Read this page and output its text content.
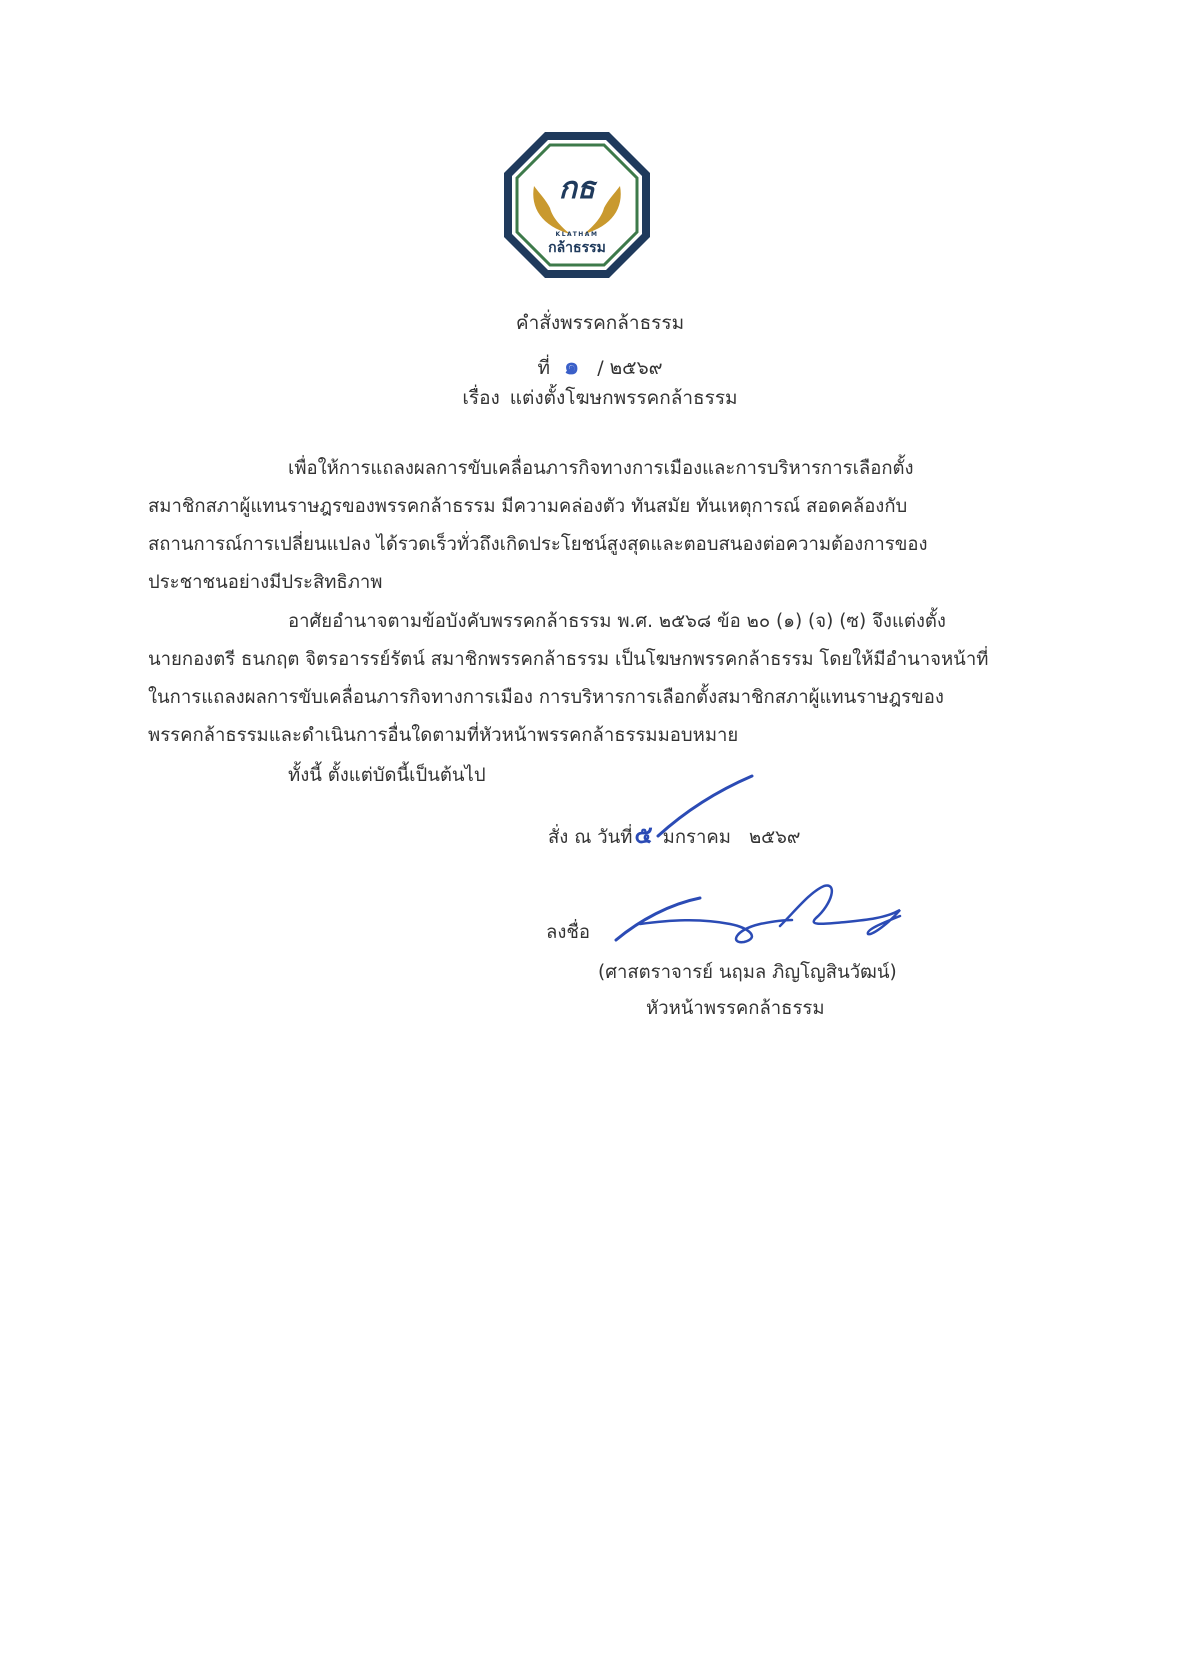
กธ
KLATHAM
กล้าธรรม
คำสั่งพรรคกล้าธรรม
ที่ ๑ / ๒๕๖๙
เรื่อง แต่งตั้งโฆษกพรรคกล้าธรรม
เพื่อให้การแถลงผลการขับเคลื่อนภารกิจทางการเมืองและการบริหารการเลือกตั้ง
สมาชิกสภาผู้แทนราษฎรของพรรคกล้าธรรม มีความคล่องตัว ทันสมัย ทันเหตุการณ์ สอดคล้องกับ
สถานการณ์การเปลี่ยนแปลง ได้รวดเร็วทั่วถึงเกิดประโยชน์สูงสุดและตอบสนองต่อความต้องการของ
ประชาชนอย่างมีประสิทธิภาพ
อาศัยอำนาจตามข้อบังคับพรรคกล้าธรรม พ.ศ. ๒๕๖๘ ข้อ ๒๐ (๑) (จ) (ซ) จึงแต่งตั้ง
นายกองตรี ธนกฤต จิตรอารรย์รัตน์ สมาชิกพรรคกล้าธรรม เป็นโฆษกพรรคกล้าธรรม โดยให้มีอำนาจหน้าที่
ในการแถลงผลการขับเคลื่อนภารกิจทางการเมือง การบริหารการเลือกตั้งสมาชิกสภาผู้แทนราษฎรของ
พรรคกล้าธรรมและดำเนินการอื่นใดตามที่หัวหน้าพรรคกล้าธรรมมอบหมาย
ทั้งนี้ ตั้งแต่บัดนี้เป็นต้นไป
สั่ง ณ วันที่๕ มกราคม ๒๕๖๙
ลงชื่อ
(ศาสตราจารย์ นฤมล ภิญโญสินวัฒน์)
หัวหน้าพรรคกล้าธรรม
